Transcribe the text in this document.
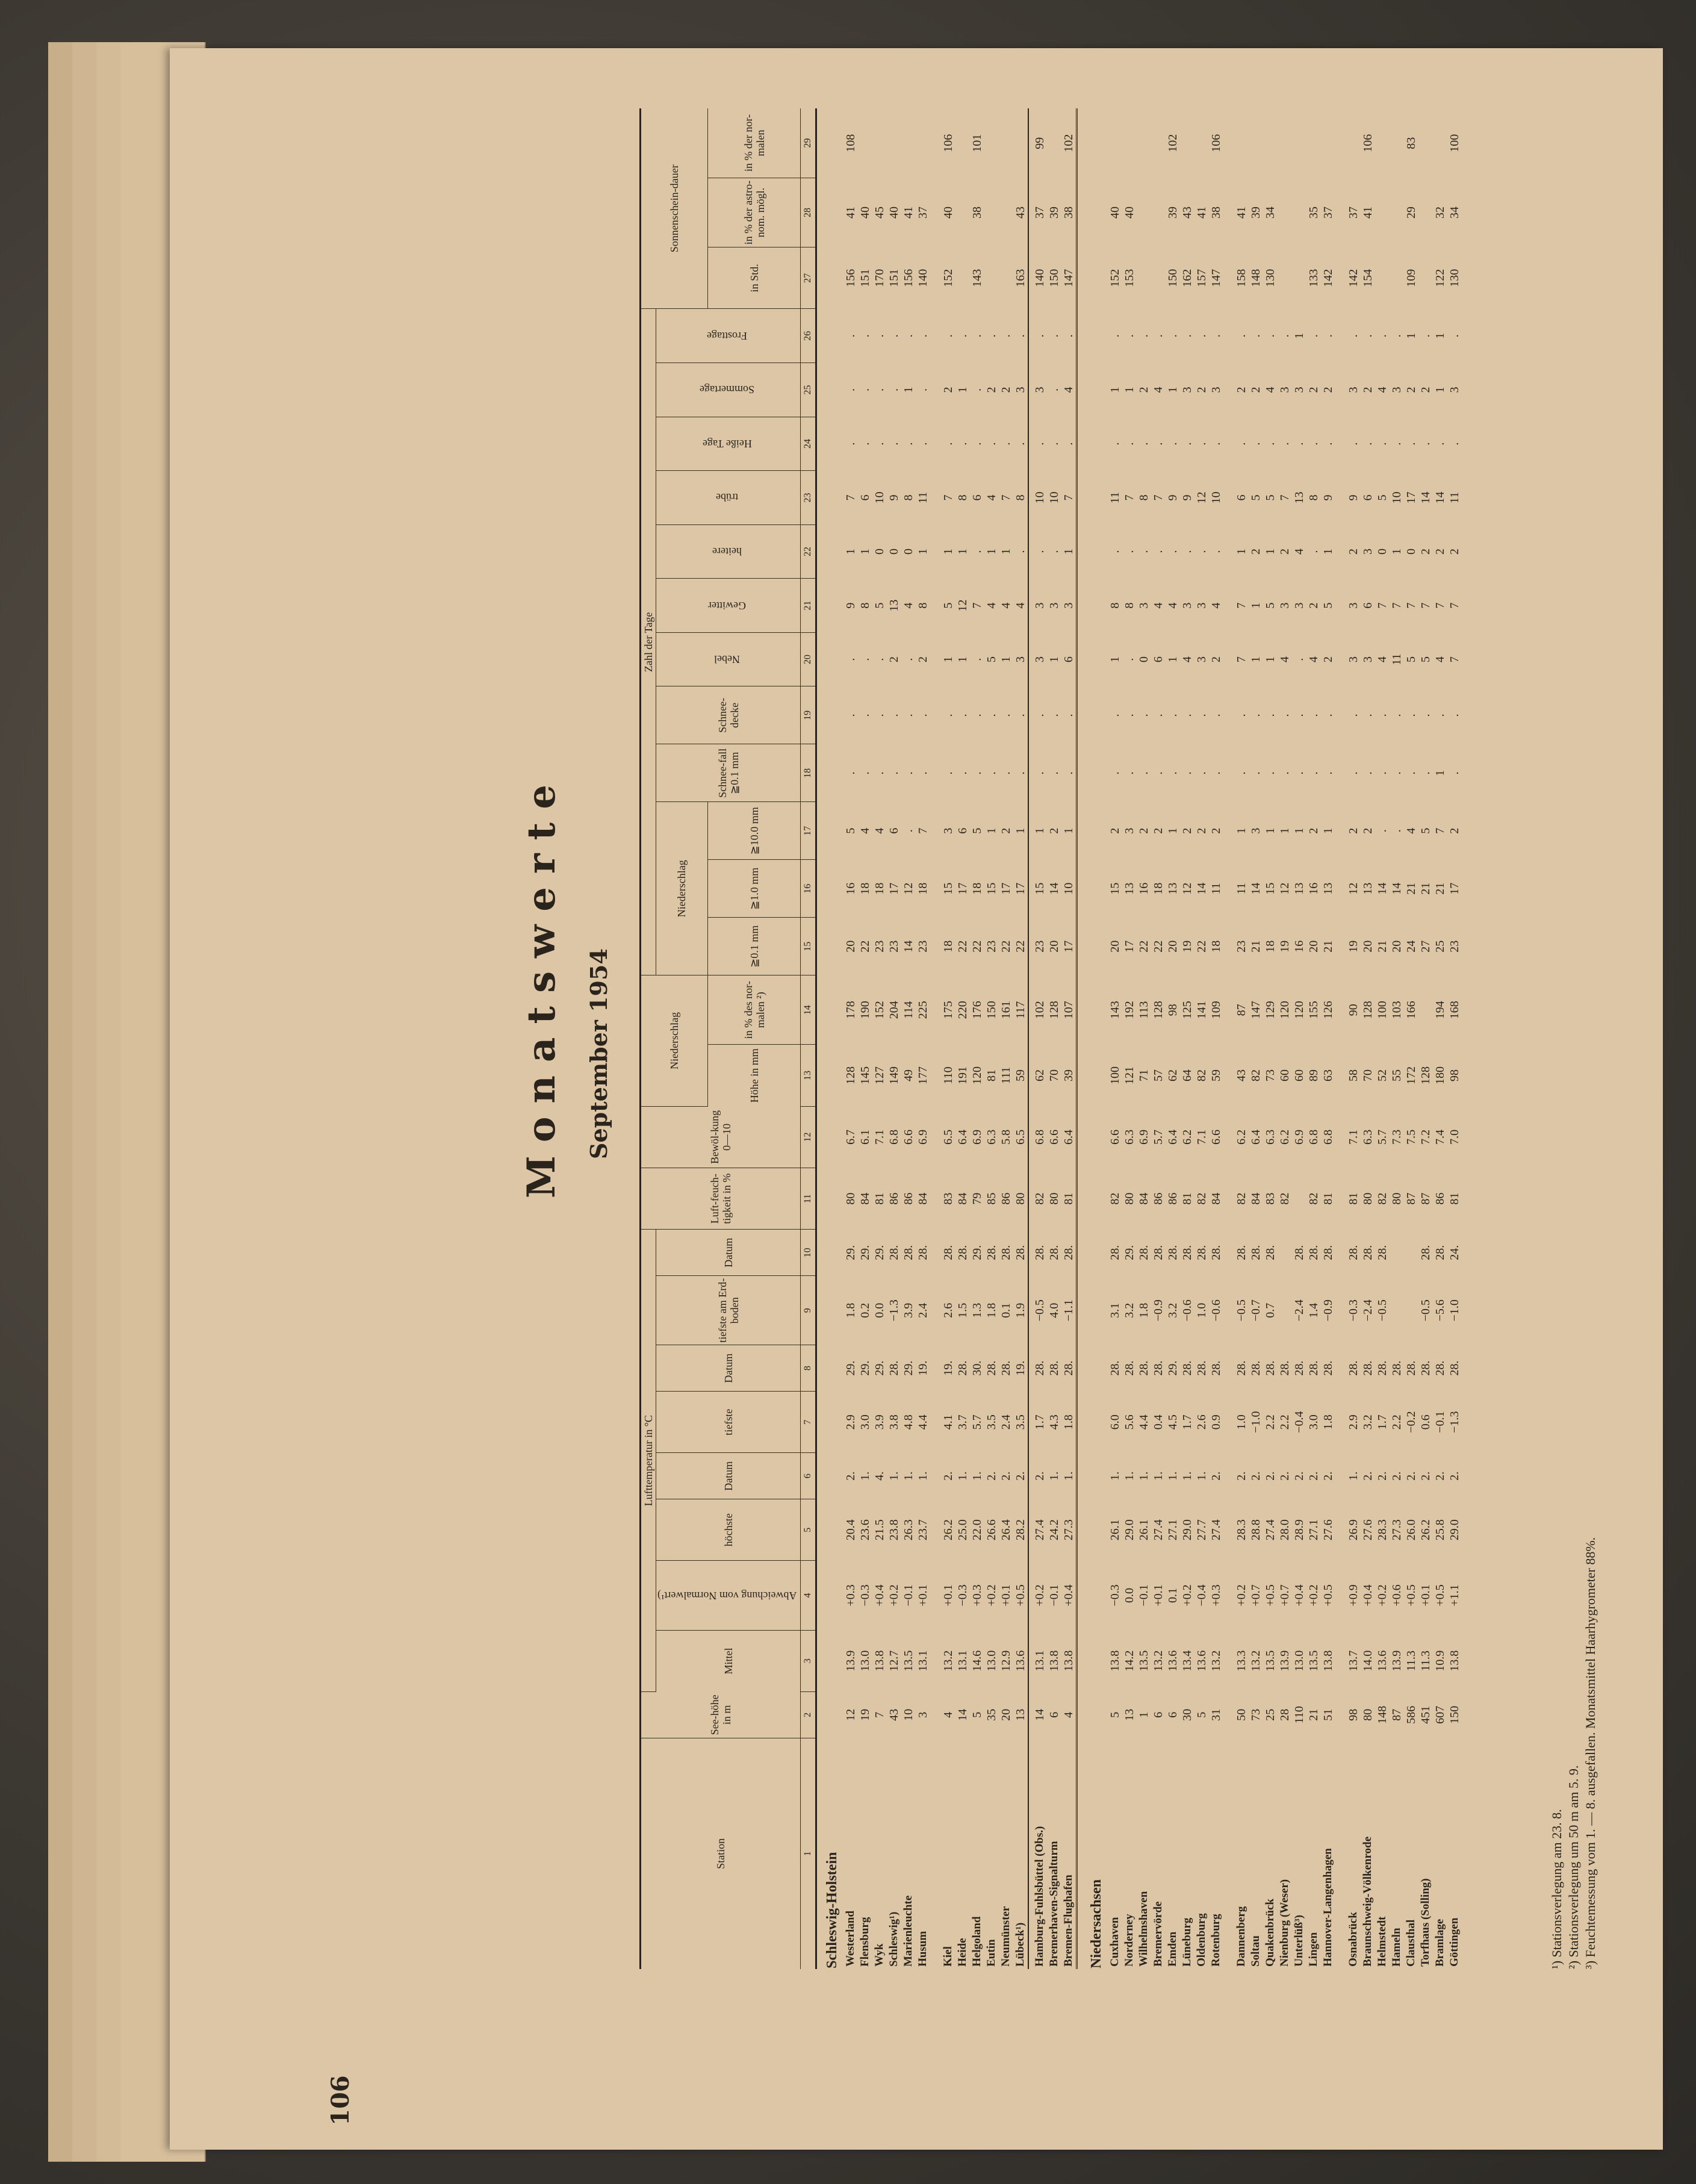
106
Monatswerte September 1954
Station	See-höhe in m	Lufttemperatur in °C								Luft-feuch-tigkeit in %	Bewöl-kung 0—10	Niederschlag		Zahl der Tage												Sonnenschein-dauer		
		Mittel	Abweichung vom Normalwert¹)	höchste	Datum	tiefste	Datum	tiefste am Erd-boden	Datum					Niederschlag			Schnee-fall ≧0.1 mm	Schnee-decke	Nebel	Gewitter	heitere	trübe	Heiße Tage	Sommertage	Frosttage			
												Höhe in mm	in % des nor-malen ²)	≧0.1 mm	≧1.0 mm	≧10.0 mm										in Std.	in % der astro-nom. mögl.	in % der nor-malen
1	2	3	4	5	6	7	8	9	10	11	12	13	14	15	16	17	18	19	20	21	22	23	24	25	26	27	28	29
Schleswig-Holstein																												
Westerland	12	13.9	+0.3	20.4	2.	2.9	29.	1.8	29.	80	6.7	128	178	20	16	5	.	.	.	9	1	7	.	.	.	156	41	108
Flensburg	19	13.0	−0.3	23.6	1.	3.0	29.	0.2	29.	84	6.1	145	190	22	18	4	.	.	.	8	1	6	.	.	.	151	40	
Wyk	7	13.8	+0.4	21.5	4.	3.9	29.	0.0	29.	81	7.1	127	152	23	18	4	.	.	.	5	0	10	.	.	.	170	45	
Schleswig¹)	43	12.7	+0.2	23.8	1.	3.8	28.	−1.3	28.	86	6.8	149	204	23	17	6	.	.	2	13	0	9	.	.	.	151	40	
Marienleuchte	10	13.5	−0.1	26.3	1.	4.8	29.	3.9	28.	86	6.6	49	114	14	12	.	.	.	.	4	0	8	.	1	.	156	41	
Husum	3	13.1	+0.1	23.7	1.	4.4	19.	2.4	28.	84	6.9	177	225	23	18	7	.	.	2	8	1	11	.	.	.	140	37	

Kiel	4	13.2	+0.1	26.2	2.	4.1	19.	2.6	28.	83	6.5	110	175	18	15	3	.	.	1	5	1	7	.	2	.	152	40	106
Heide	14	13.1	−0.3	25.0	1.	3.7	28.	1.5	28.	84	6.4	191	220	22	17	6	.	.	1	12	1	8	.	1	.			
Helgoland	5	14.6	+0.3	22.0	1.	5.7	30.	1.3	29.	79	6.9	120	176	22	18	5	.	.	.	7	.	6	.	.	.	143	38	101
Eutin	35	13.0	+0.2	26.6	2.	3.5	28.	1.8	28.	85	6.3	81	150	23	15	1	.	.	5	4	1	4	.	2	.			
Neumünster	20	12.9	+0.1	26.4	2.	2.4	28.	0.1	28.	86	5.8	111	161	22	17	2	.	.	1	4	1	7	.	2	.			
Lübeck¹)	13	13.6	+0.5	28.2	2.	3.5	19.	1.9	28.	80	6.5	59	117	22	17	1	.	.	3	4	.	8	.	3	.	163	43	

Hamburg-Fuhlsbüttel (Obs.)	14	13.1	+0.2	27.4	2.	1.7	28.	−0.5	28.	82	6.8	62	102	23	15	1	.	.	3	3	.	10	.	3	.	140	37	99
Bremerhaven-Signalturm	6	13.8	−0.1	24.2	1.	4.3	28.	4.0	28.	80	6.6	70	128	20	14	2	.	.	1	3	.	10	.	.	.	150	39	
Bremen-Flughafen	4	13.8	+0.4	27.3	1.	1.8	28.	−1.1	28.	81	6.4	39	107	17	10	1	.	.	6	3	1	7	.	4	.	147	38	102

Niedersachsen																												
Cuxhaven	5	13.8	−0.3	26.1	1.	6.0	28.	3.1	28.	82	6.6	100	143	20	15	2	.	.	1	8	.	11	.	1	.	152	40	
Norderney	13	14.2	0.0	29.0	1.	5.6	28.	3.2	29.	80	6.3	121	192	17	13	3	.	.	.	8	.	7	.	1	.	153	40	
Wilhelmshaven	1	13.5	−0.1	26.1	1.	4.4	28.	1.8	28.	84	6.9	71	113	22	16	2	.	.	0	3	.	8	.	2	.			
Bremervörde	6	13.2	+0.1	27.4	1.	0.4	28.	−0.9	28.	86	5.7	57	128	22	18	2	.	.	6	4	.	7	.	4	.			
Emden	6	13.6	0.1	27.1	1.	4.5	29.	3.2	28.	86	6.4	62	98	20	13	1	.	.	1	4	.	9	.	1	.	150	39	102
Lüneburg	30	13.4	+0.2	29.0	1.	1.7	28.	−0.6	28.	81	6.2	64	125	19	12	2	.	.	4	3	.	9	.	3	.	162	43	
Oldenburg	5	13.6	−0.4	27.7	1.	2.6	28.	1.0	28.	82	7.1	82	141	22	14	2	.	.	3	3	.	12	.	2	.	157	41	
Rotenburg	31	13.2	+0.3	27.4	2.	0.9	28.	−0.6	28.	84	6.6	59	109	18	11	2	.	.	2	4	.	10	.	3	.	147	38	106

Dannenberg	50	13.3	+0.2	28.3	2.	1.0	28.	−0.5	28.	82	6.2	43	87	23	11	1	.	.	7	7	1	6	.	2	.	158	41	
Soltau	73	13.2	+0.7	28.8	2.	−1.0	28.	−0.7	28.	84	6.4	82	147	21	14	3	.	.	1	1	2	5	.	2	.	148	39	
Quakenbrück	25	13.5	+0.5	27.4	2.	2.2	28.	0.7	28.	83	6.3	73	129	18	15	1	.	.	1	5	1	5	.	4	.	130	34	
Nienburg (Weser)	28	13.9	+0.7	28.0	2.	2.2	28.			82	6.2	60	120	19	12	1	.	.	4	3	2	7	.	3	.			
Unterlüß³)	110	13.0	+0.4	28.9	2.	−0.4	28.	−2.4	28.		6.9	60	120	16	13	1	.	.	.	3	4	13	.	3	1			
Lingen	21	13.5	+0.2	27.1	2.	3.0	28.	1.4	28.	82	6.8	89	155	20	16	2	.	.	4	2	.	8	.	2	.	133	35	
Hannover-Langenhagen	51	13.8	+0.5	27.6	2.	1.8	28.	−0.9	28.	81	6.8	63	126	21	13	1	.	.	2	5	1	9	.	2	.	142	37	

Osnabrück	98	13.7	+0.9	26.9	1.	2.9	28.	−0.3	28.	81	7.1	58	90	19	12	2	.	.	3	3	2	9	.	3	.	142	37	
Braunschweig-Völkenrode	80	14.0	+0.4	27.6	2.	3.2	28.	−2.4	28.	80	6.3	70	128	20	13	2	.	.	3	6	3	6	.	2	.	154	41	106
Helmstedt	148	13.6	+0.2	28.3	2.	1.7	28.	−0.5	28.	82	5.7	52	100	21	14	.	.	.	4	7	0	5	.	4	.			
Hameln	87	13.9	+0.6	27.3	2.	2.2	28.			80	7.3	55	103	20	14	.	.	.	11	7	1	10	.	3	.			
Clausthal	586	11.3	+0.5	26.0	2.	−0.2	28.			87	7.5	172	166	24	21	4	.	.	5	7	0	17	.	2	1	109	29	83
Torfhaus (Solling)	451	11.3	+0.1	26.2	2.	0.6	28.	−0.5	28.	87	7.2	128		27	21	5	.	.	5	7	2	14	.	2	.			
Bramlage	607	10.9	+0.5	25.8	2.	−0.1	28.	−5.6	28.	86	7.4	180	194	25	21	7	1	.	4	7	2	14	.	1	1	122	32	
Göttingen	150	13.8	+1.1	29.0	2.	−1.3	28.	−1.0	24.	81	7.0	98	168	23	17	2	.	.	7	7	2	11	.	3	.	130	34	100
¹) Stationsverlegung am 23. 8. ²) Stationsverlegung um 50 m am 5. 9. ³) Feuchtemessung vom 1. — 8. ausgefallen. Monatsmittel Haarhygrometer 88%.
